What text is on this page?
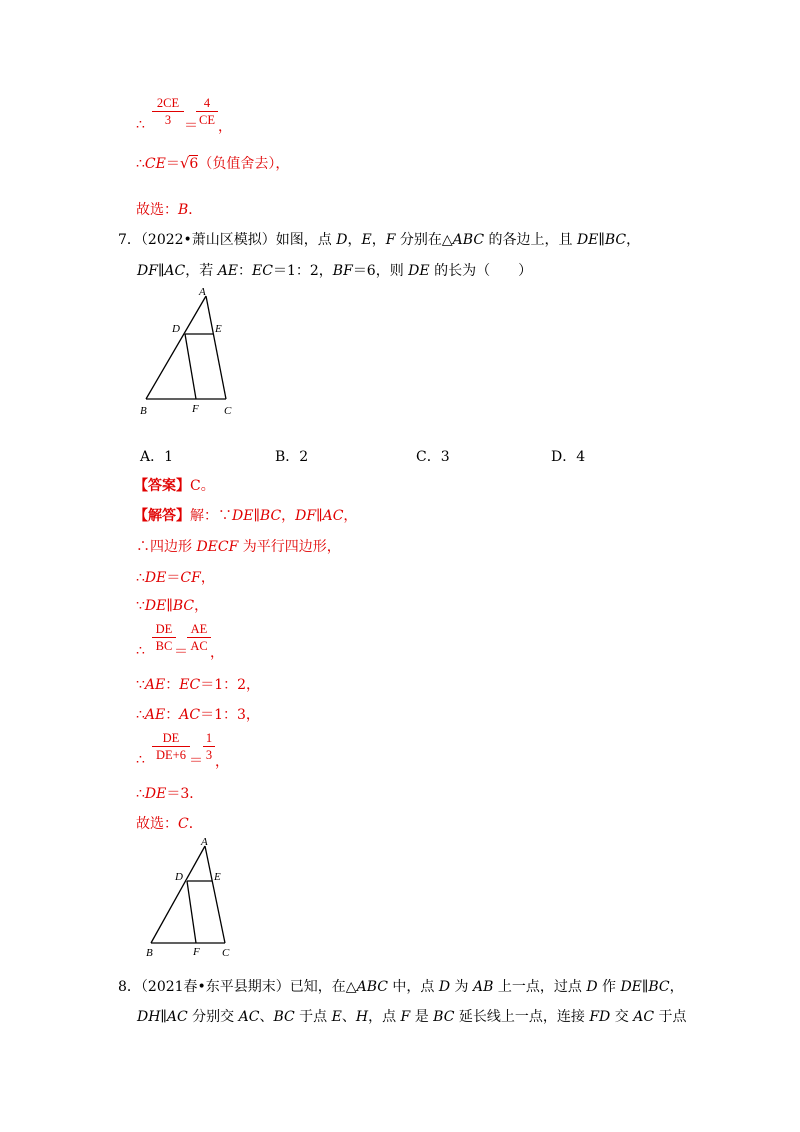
2CE
3
∴	＝
4
CE ，
∴CE＝√6（负值舍去），
故选：B．
7．（2022•萧山区模拟）如图，点 D，E，F 分别在△ABC 的各边上，且 DE∥BC，
DF∥AC，若 AE：EC＝1：2，BF＝6，则 DE 的长为（　　）
A
D	E
B	F C
A．1	B．2	C．3	D．4
【答案】C。
【解答】解：∵DE∥BC，DF∥AC，
∴四边形 DECF 为平行四边形，
∴DE＝CF，
∵DE∥BC，
∴
DE
BC ＝
AE
AC ，
∵AE：EC＝1：2，
∴AE：AC＝1：3，
∴
DE
DE+6 ＝
1
3 ，
∴DE＝3．
故选：C．
A
D	E
B	F C
8．（2021春•东平县期末）已知，在△ABC 中，点 D 为 AB 上一点，过点 D 作 DE∥BC，
DH∥AC 分别交 AC、BC 于点 E、H，点 F 是 BC 延长线上一点，连接 FD 交 AC 于点
